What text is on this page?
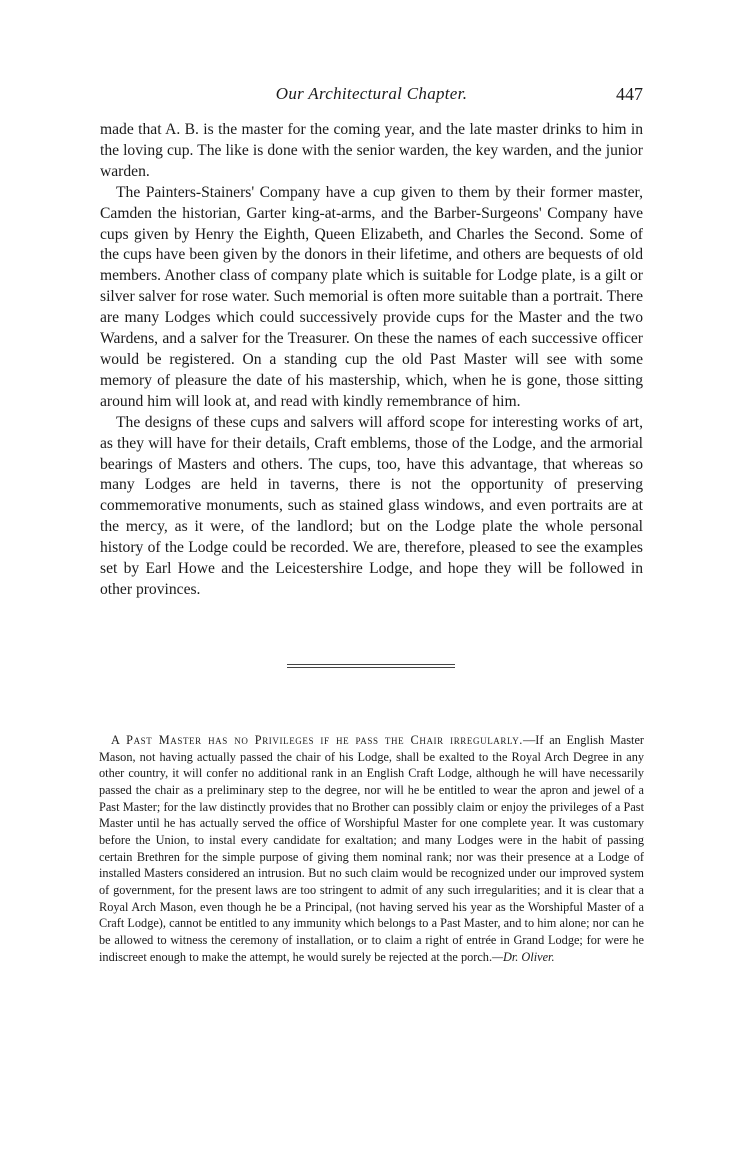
Our Architectural Chapter.	447

made that A. B. is the master for the coming year, and the late master drinks to him in the loving cup. The like is done with the senior warden, the key warden, and the junior warden.

The Painters-Stainers' Company have a cup given to them by their former master, Camden the historian, Garter king-at-arms, and the Barber-Surgeons' Company have cups given by Henry the Eighth, Queen Elizabeth, and Charles the Second. Some of the cups have been given by the donors in their lifetime, and others are bequests of old members. Another class of company plate which is suitable for Lodge plate, is a gilt or silver salver for rose water. Such memorial is often more suitable than a portrait. There are many Lodges which could successively provide cups for the Master and the two Wardens, and a salver for the Treasurer. On these the names of each successive officer would be registered. On a standing cup the old Past Master will see with some memory of pleasure the date of his mastership, which, when he is gone, those sitting around him will look at, and read with kindly remembrance of him.

The designs of these cups and salvers will afford scope for interesting works of art, as they will have for their details, Craft emblems, those of the Lodge, and the armorial bearings of Masters and others. The cups, too, have this advantage, that whereas so many Lodges are held in taverns, there is not the opportunity of preserving commemorative monuments, such as stained glass windows, and even portraits are at the mercy, as it were, of the landlord; but on the Lodge plate the whole personal history of the Lodge could be recorded. We are, therefore, pleased to see the examples set by Earl Howe and the Leicestershire Lodge, and hope they will be followed in other provinces.

A Past Master has no Privileges if he pass the Chair irregularly.—If an English Master Mason, not having actually passed the chair of his Lodge, shall be exalted to the Royal Arch Degree in any other country, it will confer no additional rank in an English Craft Lodge, although he will have necessarily passed the chair as a preliminary step to the degree, nor will he be entitled to wear the apron and jewel of a Past Master; for the law distinctly provides that no Brother can possibly claim or enjoy the privileges of a Past Master until he has actually served the office of Worshipful Master for one complete year. It was customary before the Union, to instal every candidate for exaltation; and many Lodges were in the habit of passing certain Brethren for the simple purpose of giving them nominal rank; nor was their presence at a Lodge of installed Masters considered an intrusion. But no such claim would be recognized under our improved system of government, for the present laws are too stringent to admit of any such irregularities; and it is clear that a Royal Arch Mason, even though he be a Principal, (not having served his year as the Worshipful Master of a Craft Lodge), cannot be entitled to any immunity which belongs to a Past Master, and to him alone; nor can he be allowed to witness the ceremony of installation, or to claim a right of entrée in Grand Lodge; for were he indiscreet enough to make the attempt, he would surely be rejected at the porch.—Dr. Oliver.
